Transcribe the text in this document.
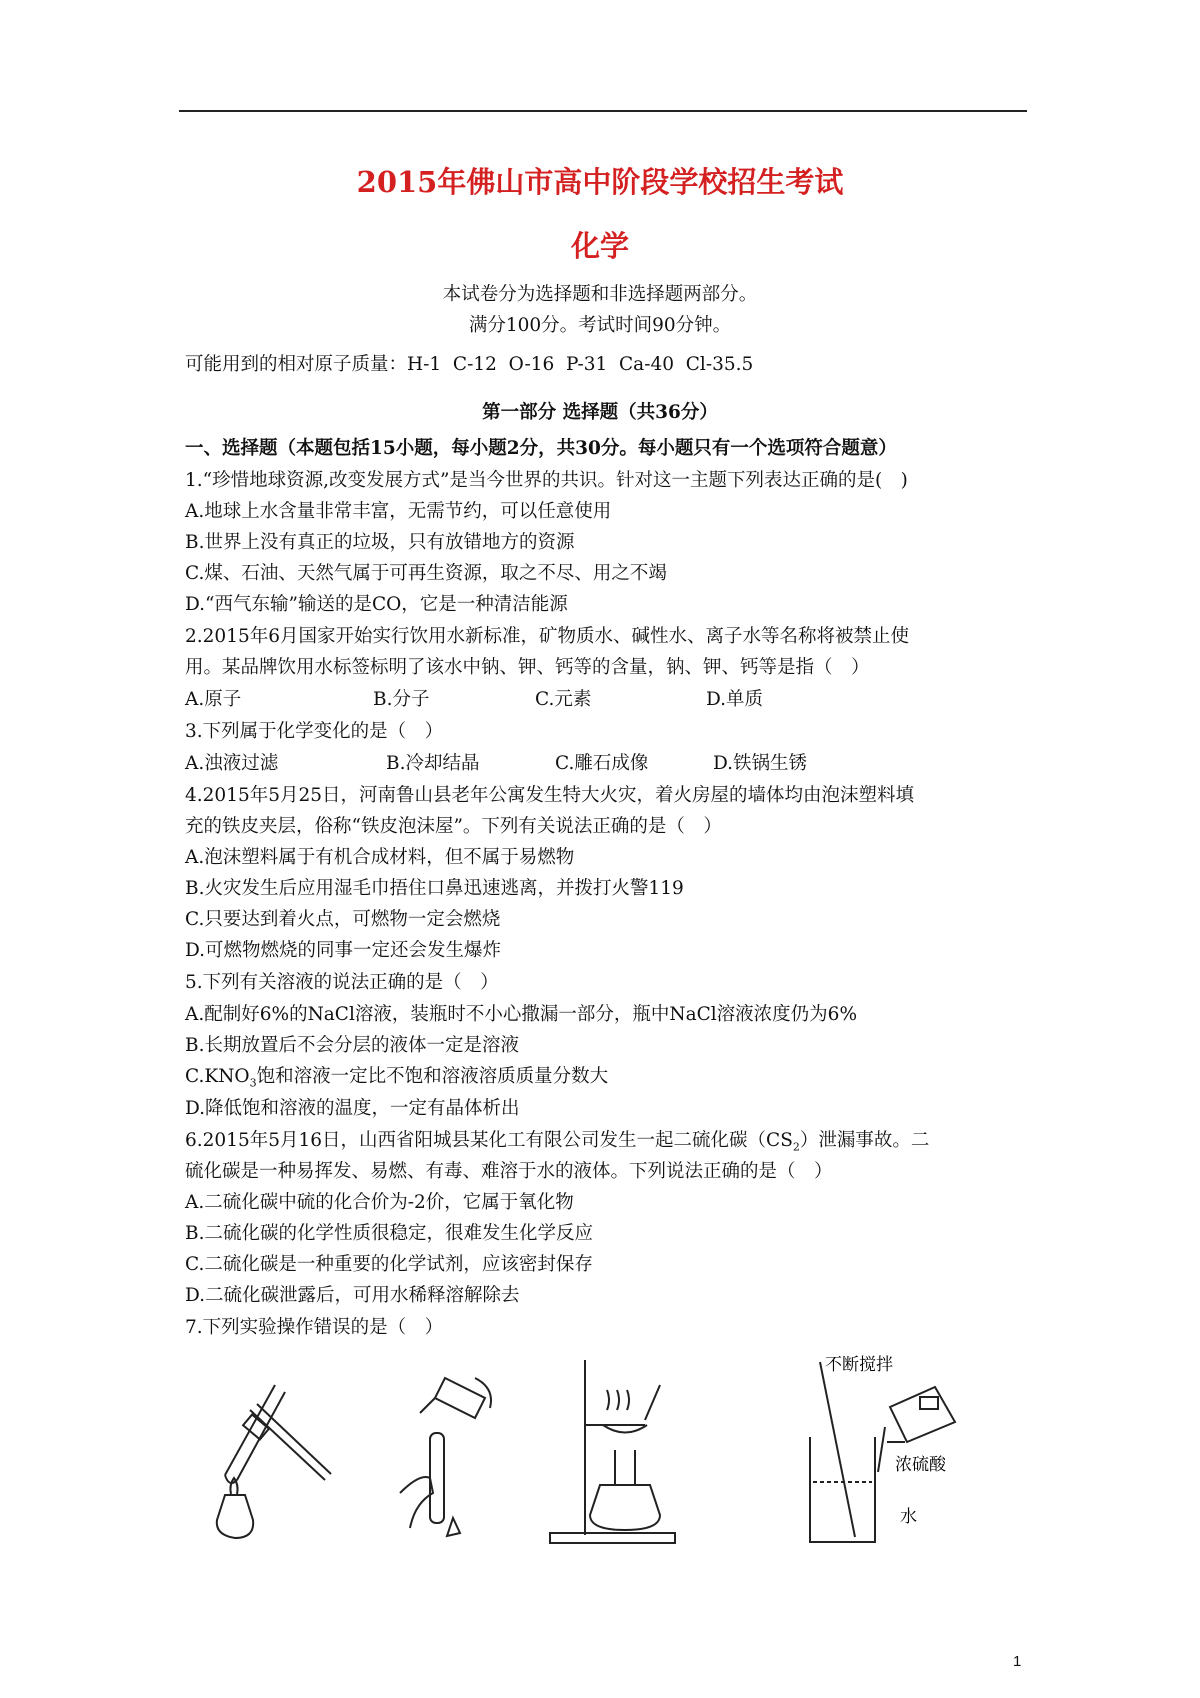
2015年佛山市高中阶段学校招生考试
化学
本试卷分为选择题和非选择题两部分。
满分100分。考试时间90分钟。
可能用到的相对原子质量：H-1  C-12  O-16  P-31  Ca-40  Cl-35.5
第一部分 选择题（共36分）
一、选择题（本题包括15小题，每小题2分，共30分。每小题只有一个选项符合题意）
1.“珍惜地球资源,改变发展方式”是当今世界的共识。针对这一主题下列表达正确的是(　)
A.地球上水含量非常丰富，无需节约，可以任意使用
B.世界上没有真正的垃圾，只有放错地方的资源
C.煤、石油、天然气属于可再生资源，取之不尽、用之不竭
D.“西气东输”输送的是CO，它是一种清洁能源
2.2015年6月国家开始实行饮用水新标准，矿物质水、碱性水、离子水等名称将被禁止使
用。某品牌饮用水标签标明了该水中钠、钾、钙等的含量，钠、钾、钙等是指（　）
A.原子	B.分子	C.元素	D.单质
3.下列属于化学变化的是（　）
A.浊液过滤	B.冷却结晶	C.雕石成像	D.铁锅生锈
4.2015年5月25日，河南鲁山县老年公寓发生特大火灾，着火房屋的墙体均由泡沫塑料填
充的铁皮夹层，俗称“铁皮泡沫屋”。下列有关说法正确的是（　）
A.泡沫塑料属于有机合成材料，但不属于易燃物
B.火灾发生后应用湿毛巾捂住口鼻迅速逃离，并拨打火警119
C.只要达到着火点，可燃物一定会燃烧
D.可燃物燃烧的同事一定还会发生爆炸
5.下列有关溶液的说法正确的是（　）
A.配制好6%的NaCl溶液，装瓶时不小心撒漏一部分，瓶中NaCl溶液浓度仍为6%
B.长期放置后不会分层的液体一定是溶液
$C.KNO_3$饱和溶液一定比不饱和溶液溶质质量分数大
D.降低饱和溶液的温度，一定有晶体析出
6.2015年5月16日，山西省阳城县某化工有限公司发生一起二硫化碳$(CS_2)$泄漏事故。二
硫化碳是一种易挥发、易燃、有毒、难溶于水的液体。下列说法正确的是（　）
A.二硫化碳中硫的化合价为-2价，它属于氧化物
B.二硫化碳的化学性质很稳定，很难发生化学反应
C.二硫化碳是一种重要的化学试剂，应该密封保存
D.二硫化碳泄露后，可用水稀释溶解除去
7.下列实验操作错误的是（　）
不断搅拌
浓硫酸
水
1
